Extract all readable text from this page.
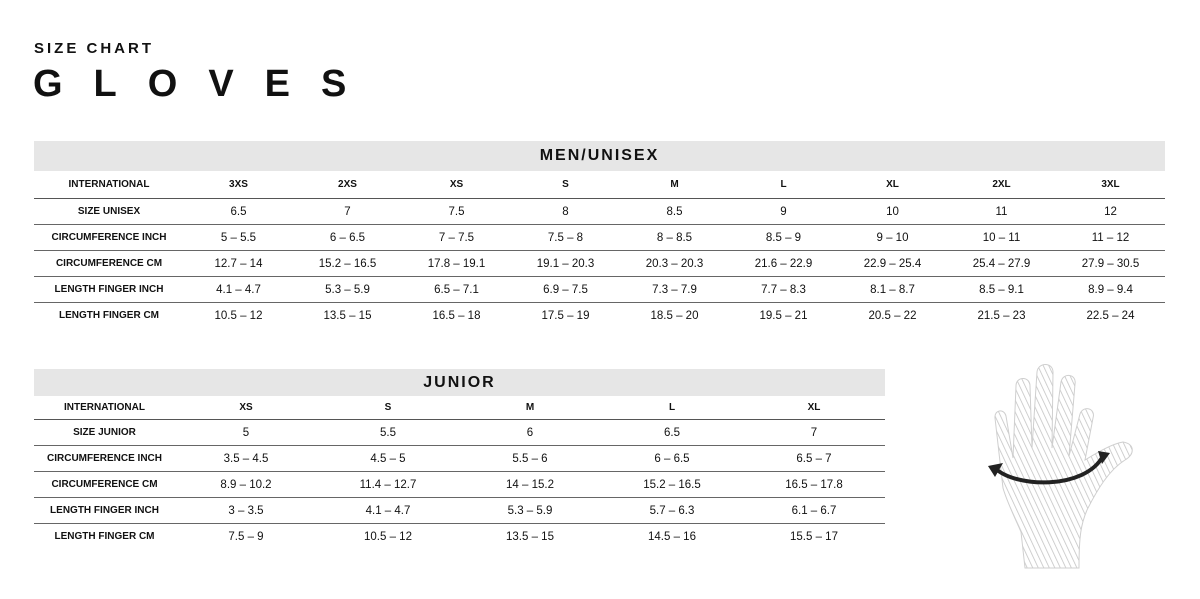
SIZE CHART
GLOVES
MEN/UNISEX									
INTERNATIONAL	3XS	2XS	XS	S	M	L	XL	2XL	3XL
SIZE UNISEX	6.5	7	7.5	8	8.5	9	10	11	12
CIRCUMFERENCE INCH	5 – 5.5	6 – 6.5	7 – 7.5	7.5 – 8	8 – 8.5	8.5 – 9	9 – 10	10 – 11	11 – 12
CIRCUMFERENCE CM	12.7 – 14	15.2 – 16.5	17.8 – 19.1	19.1 – 20.3	20.3 – 20.3	21.6 – 22.9	22.9 – 25.4	25.4 – 27.9	27.9 – 30.5
LENGTH FINGER INCH	4.1 – 4.7	5.3 – 5.9	6.5 – 7.1	6.9 – 7.5	7.3 – 7.9	7.7 – 8.3	8.1 – 8.7	8.5 – 9.1	8.9 – 9.4
LENGTH FINGER CM	10.5 – 12	13.5 – 15	16.5 – 18	17.5 – 19	18.5 – 20	19.5 – 21	20.5 – 22	21.5 – 23	22.5 – 24
JUNIOR					
INTERNATIONAL	XS	S	M	L	XL
SIZE JUNIOR	5	5.5	6	6.5	7
CIRCUMFERENCE INCH	3.5 – 4.5	4.5 – 5	5.5 – 6	6 – 6.5	6.5 – 7
CIRCUMFERENCE CM	8.9 – 10.2	11.4 – 12.7	14 – 15.2	15.2 – 16.5	16.5 – 17.8
LENGTH FINGER INCH	3 – 3.5	4.1 – 4.7	5.3 – 5.9	5.7 – 6.3	6.1 – 6.7
LENGTH FINGER CM	7.5 – 9	10.5 – 12	13.5 – 15	14.5 – 16	15.5 – 17
